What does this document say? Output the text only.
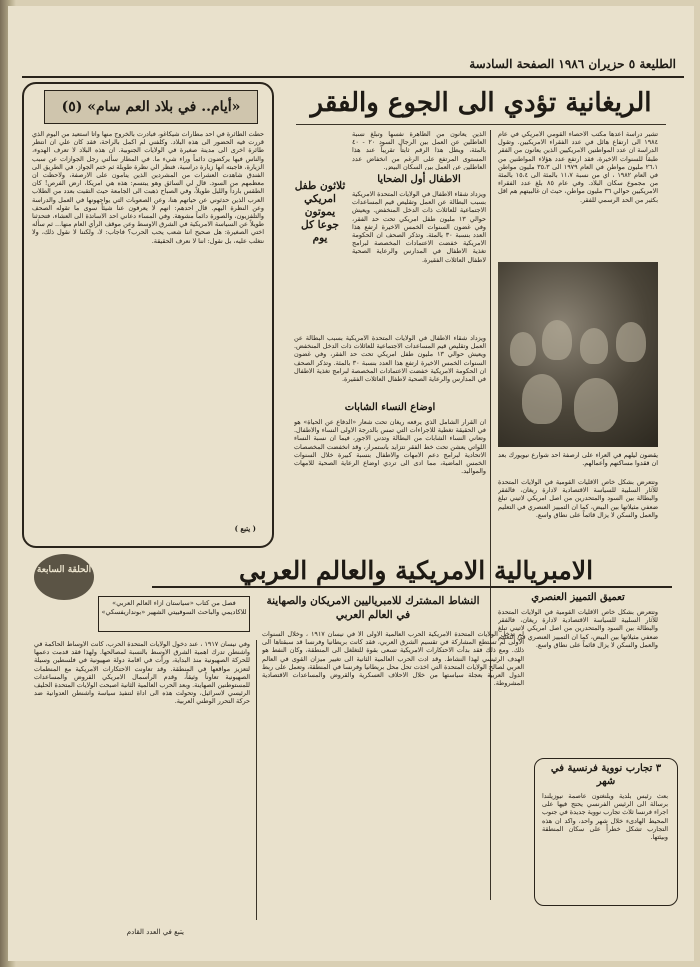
الطليعة ٥ حزيران ١٩٨٦ الصفحة السادسة
الريغانية تؤدي الى الجوع والفقر
تشير دراسة اعدها مكتب الاحصاء القومي الامريكي في عام ١٩٨٤ الى ارتفاع هائل في عدد الفقراء الامريكيين. وتقول الدراسة ان عدد المواطنين الامريكيين الذين يعانون من الفقر طبقاً للسنوات الاخيرة، فقد ارتفع عدد هؤلاء المواطنين من ٢٦،١ مليون مواطن في العام ١٩٧٩ الى ٣٥،٣ مليون مواطن في العام ١٩٨٢ ، اي من نسبة ١١،٧ بالمئة الى ١٥،٤ بالمئة من مجموع سكان البلاد. وفي عام ٨٥ بلغ عدد الفقراء الامريكيين حوالي ٣٦ مليون مواطن، حيث ان غالبيتهم هم اقل بكثير من الحد الرسمي للفقر.
الذين يعانون من الظاهرة نفسها وتبلغ نسبة العاطلين عن العمل بين الرجال السود ٢٠ - ٤٠ بالمئة، ويظل هذا الرقم ثابتاً تقريباً عند هذا المستوى المرتفع على الرغم من انخفاض عدد العاطلين عن العمل بين السكان البيض.
الاطفال أول الضحايا
ويزداد شقاء الاطفال في الولايات المتحدة الامريكية بسبب البطالة عن العمل وتقليص قيم المساعدات الاجتماعية للعائلات ذات الدخل المنخفض. ويعيش حوالي ١٣ مليون طفل امريكي تحت حد الفقر، وفي غضون السنوات الخمس الاخيرة ارتفع هذا العدد بنسبة ٣٠ بالمئة. وتذكر الصحف ان الحكومة الامريكية خفضت الاعتمادات المخصصة لبرامج تغذية الاطفال في المدارس والرعاية الصحية لاطفال العائلات الفقيرة.
ثلاثون طفل امريكي يموتون جوعا كل يوم
ويزداد شقاء الاطفال في الولايات المتحدة الامريكية بسبب البطالة عن العمل وتقليص قيم المساعدات الاجتماعية للعائلات ذات الدخل المنخفض. ويعيش حوالي ١٣ مليون طفل امريكي تحت حد الفقر، وفي غضون السنوات الخمس الاخيرة ارتفع هذا العدد بنسبة ٣٠ بالمئة. وتذكر الصحف ان الحكومة الامريكية خفضت الاعتمادات المخصصة لبرامج تغذية الاطفال في المدارس والرعاية الصحية لاطفال العائلات الفقيرة.
اوضاع النساء الشابات
ان القرار الشامل الذي يرفعه ريغان تحت شعار «الدفاع عن الحياة» هو في الحقيقة تغطية للاجراءات التي تمس بالدرجة الاولى النساء والاطفال. وتعاني النساء الشابات من البطالة وتدني الاجور، فيما ان نسبة النساء اللواتي يعشن تحت خط الفقر تتزايد باستمرار، وقد انخفضت المخصصات الاتحادية لبرامج دعم الامهات والاطفال بنسبة كبيرة خلال السنوات الخمس الماضية، مما ادى الى تردي اوضاع الرعاية الصحية للامهات والمواليد.
يقضون ليلهم في العراء على ارصفة احد شوارع نيويورك بعد ان فقدوا مساكنهم وأعمالهم.
وتتعرض بشكل خاص الاقليات القومية في الولايات المتحدة للآثار السلبية للسياسة الاقتصادية لادارة ريغان، فالفقر والبطالة بين السود والمتحدرين من اصل امريكي لاتيني تبلغ ضعفي مثيلاتها بين البيض، كما ان التمييز العنصري في التعليم والعمل والسكن لا يزال قائماً على نطاق واسع.
تعميق التمييز العنصري
وتتعرض بشكل خاص الاقليات القومية في الولايات المتحدة للآثار السلبية للسياسة الاقتصادية لادارة ريغان، فالفقر والبطالة بين السود والمتحدرين من اصل امريكي لاتيني تبلغ ضعفي مثيلاتها بين البيض، كما ان التمييز العنصري في التعليم والعمل والسكن لا يزال قائماً على نطاق واسع.
«أيام.. في بلاد العم سام» (٥)
حطت الطائرة في احد مطارات شيكاغو، فبادرت بالخروج منها واتا استعيد من اليوم الذي قررت فيه الحضور الى هذه البلاد. وكلفني لم اكمل بالراحة، فقد كان علي ان انتظر طائرة اخرى الى مدينة صغيرة في الولايات الجنوبية. ان هذه البلاد لا تعرف الهدوء، والناس فيها يركضون دائماً وراء شيء ما. في المطار سألني رجل الجوازات عن سبب الزيارة، فاجبته انها زيارة دراسية، فنظر الي نظرة طويلة ثم ختم الجواز. في الطريق الى الفندق شاهدت العشرات من المشردين الذين ينامون على الارصفة، ولاحظت ان معظمهم من السود. قال لي السائق وهو يبتسم: هذه هي امريكا، ارض الفرص! كان الطقس بارداً والليل طويلاً، وفي الصباح ذهبت الى الجامعة حيث التقيت بعدد من الطلاب العرب الذين حدثوني عن حياتهم هنا، وعن الصعوبات التي يواجهونها في العمل والدراسة وعن النظرة اليهم. قال احدهم: انهم لا يعرفون عنا شيئاً سوى ما تقوله الصحف والتلفزيون، والصورة دائماً مشوهة. وفي المساء دعاني احد الاساتذة الى العشاء، فتحدثنا طويلاً عن السياسة الامريكية في الشرق الاوسط وعن موقف الرأي العام منها... ثم سأله اختي الصغيرة: هل صحيح اننا شعب يحب الحرب؟ فاجاب: لا، ولكننا لا نقول ذلك، ولا نتغلب عليه، بل نقول: اننا لا نعرف الحقيقة.
( يتبع )
الامبريالية الامريكية والعالم العربي
الحلقة السابعة
فصل من كتاب «سياستان ازاء العالم العربي» للاكاديمي والباحث السوفييتي الشهير «بونداريفسكي»
النشاط المشترك للامبرياليين الامريكان والصهاينة في العالم العربي
لم تدخل الولايات المتحدة الامريكية الحرب العالمية الاولى الا في نيسان ١٩١٧ ، وخلال السنوات الاولى لم تستطع المشاركة في تقسيم الشرق العربي، فقد كانت بريطانيا وفرنسا قد سبقتاها الى ذلك. ومع ذلك فقد بدأت الاحتكارات الامريكية تسعى بقوة للتغلغل الى المنطقة، وكان النفط هو الهدف الرئيسي لهذا النشاط. وقد ادت الحرب العالمية الثانية الى تغيير ميزان القوى في العالم العربي لصالح الولايات المتحدة التي اخذت تحل محل بريطانيا وفرنسا في المنطقة، وتعمل على ربط الدول العربية بعجلة سياستها من خلال الاحلاف العسكرية والقروض والمساعدات الاقتصادية المشروطة.
وفي نيسان ١٩١٧ ، عند دخول الولايات المتحدة الحرب، كانت الاوساط الحاكمة في واشنطن تدرك اهمية الشرق الاوسط بالنسبة لمصالحها. ولهذا فقد قدمت دعمها للحركة الصهيونية منذ البداية، ورأت في اقامة دولة صهيونية في فلسطين وسيلة لتعزيز مواقعها في المنطقة. وقد تعاونت الاحتكارات الامريكية مع المنظمات الصهيونية تعاوناً وثيقاً، وقدم الرأسمال الامريكي القروض والمساعدات للمستوطنين الصهاينة. وبعد الحرب العالمية الثانية اصبحت الولايات المتحدة الحليف الرئيسي لاسرائيل، وتحولت هذه الى اداة لتنفيذ سياسة واشنطن العدوانية ضد حركة التحرر الوطني العربية.
يتبع في العدد القادم
٣ تجارب نووية فرنسية في شهر
بعث رئيس بلدية ويلنغتون عاصمة نيوزيلندا برسالة الى الرئيس الفرنسي يحتج فيها على اجراء فرنسا ثلاث تجارب نووية جديدة في جنوب المحيط الهادىء خلال شهر واحد، واكد ان هذه التجارب تشكل خطراً على سكان المنطقة وبيئتها.
